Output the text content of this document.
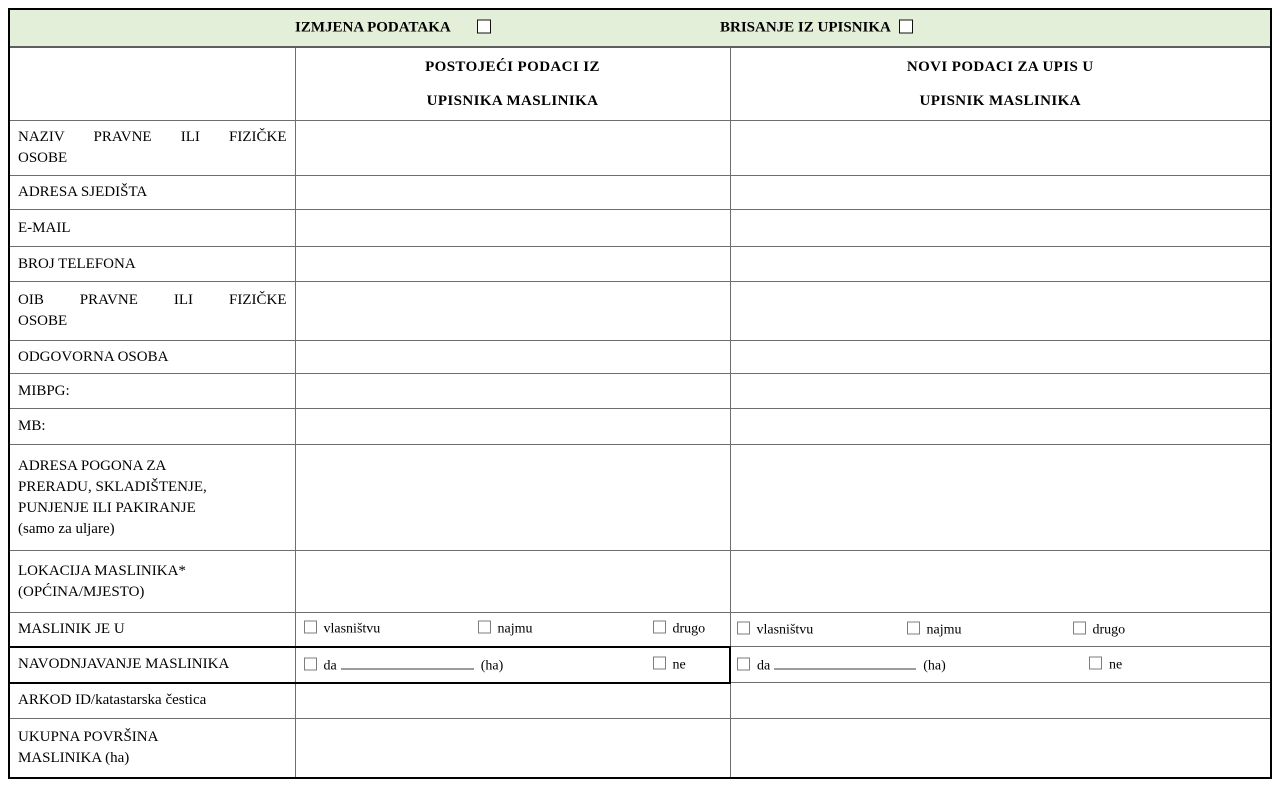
IZMJENA PODATAKA BRISANJE IZ UPISNIKA		

POSTOJEĆI PODACI IZ
UPISNIKA MASLINIKA

NOVI PODACI ZA UPIS U
UPISNIK MASLINIKA

NAZIV PRAVNE ILI FIZIČKE
OSOBE		

ADRESA SJEDIŠTA		
E-MAIL		
BROJ TELEFONA		

OIB PRAVNE ILI FIZIČKE
OSOBE		

ODGOVORNA OSOBA		
MIBPG:		
MB:		

ADRESA POGONA ZA
PRERADU, SKLADIŠTENJE,
PUNJENJE ILI PAKIRANJE
(samo za uljare)		

LOKACIJA MASLINIKA*
(OPĆINA/MJESTO)		

MASLINIK JE U	vlasništvu najmu drugo	vlasništvu najmu drugo

NAVODNJAVANJE MASLINIKA	da (ha) ne	da (ha) ne

ARKOD ID/katastarska čestica		

UKUPNA POVRŠINA
MASLINIKA (ha)		
